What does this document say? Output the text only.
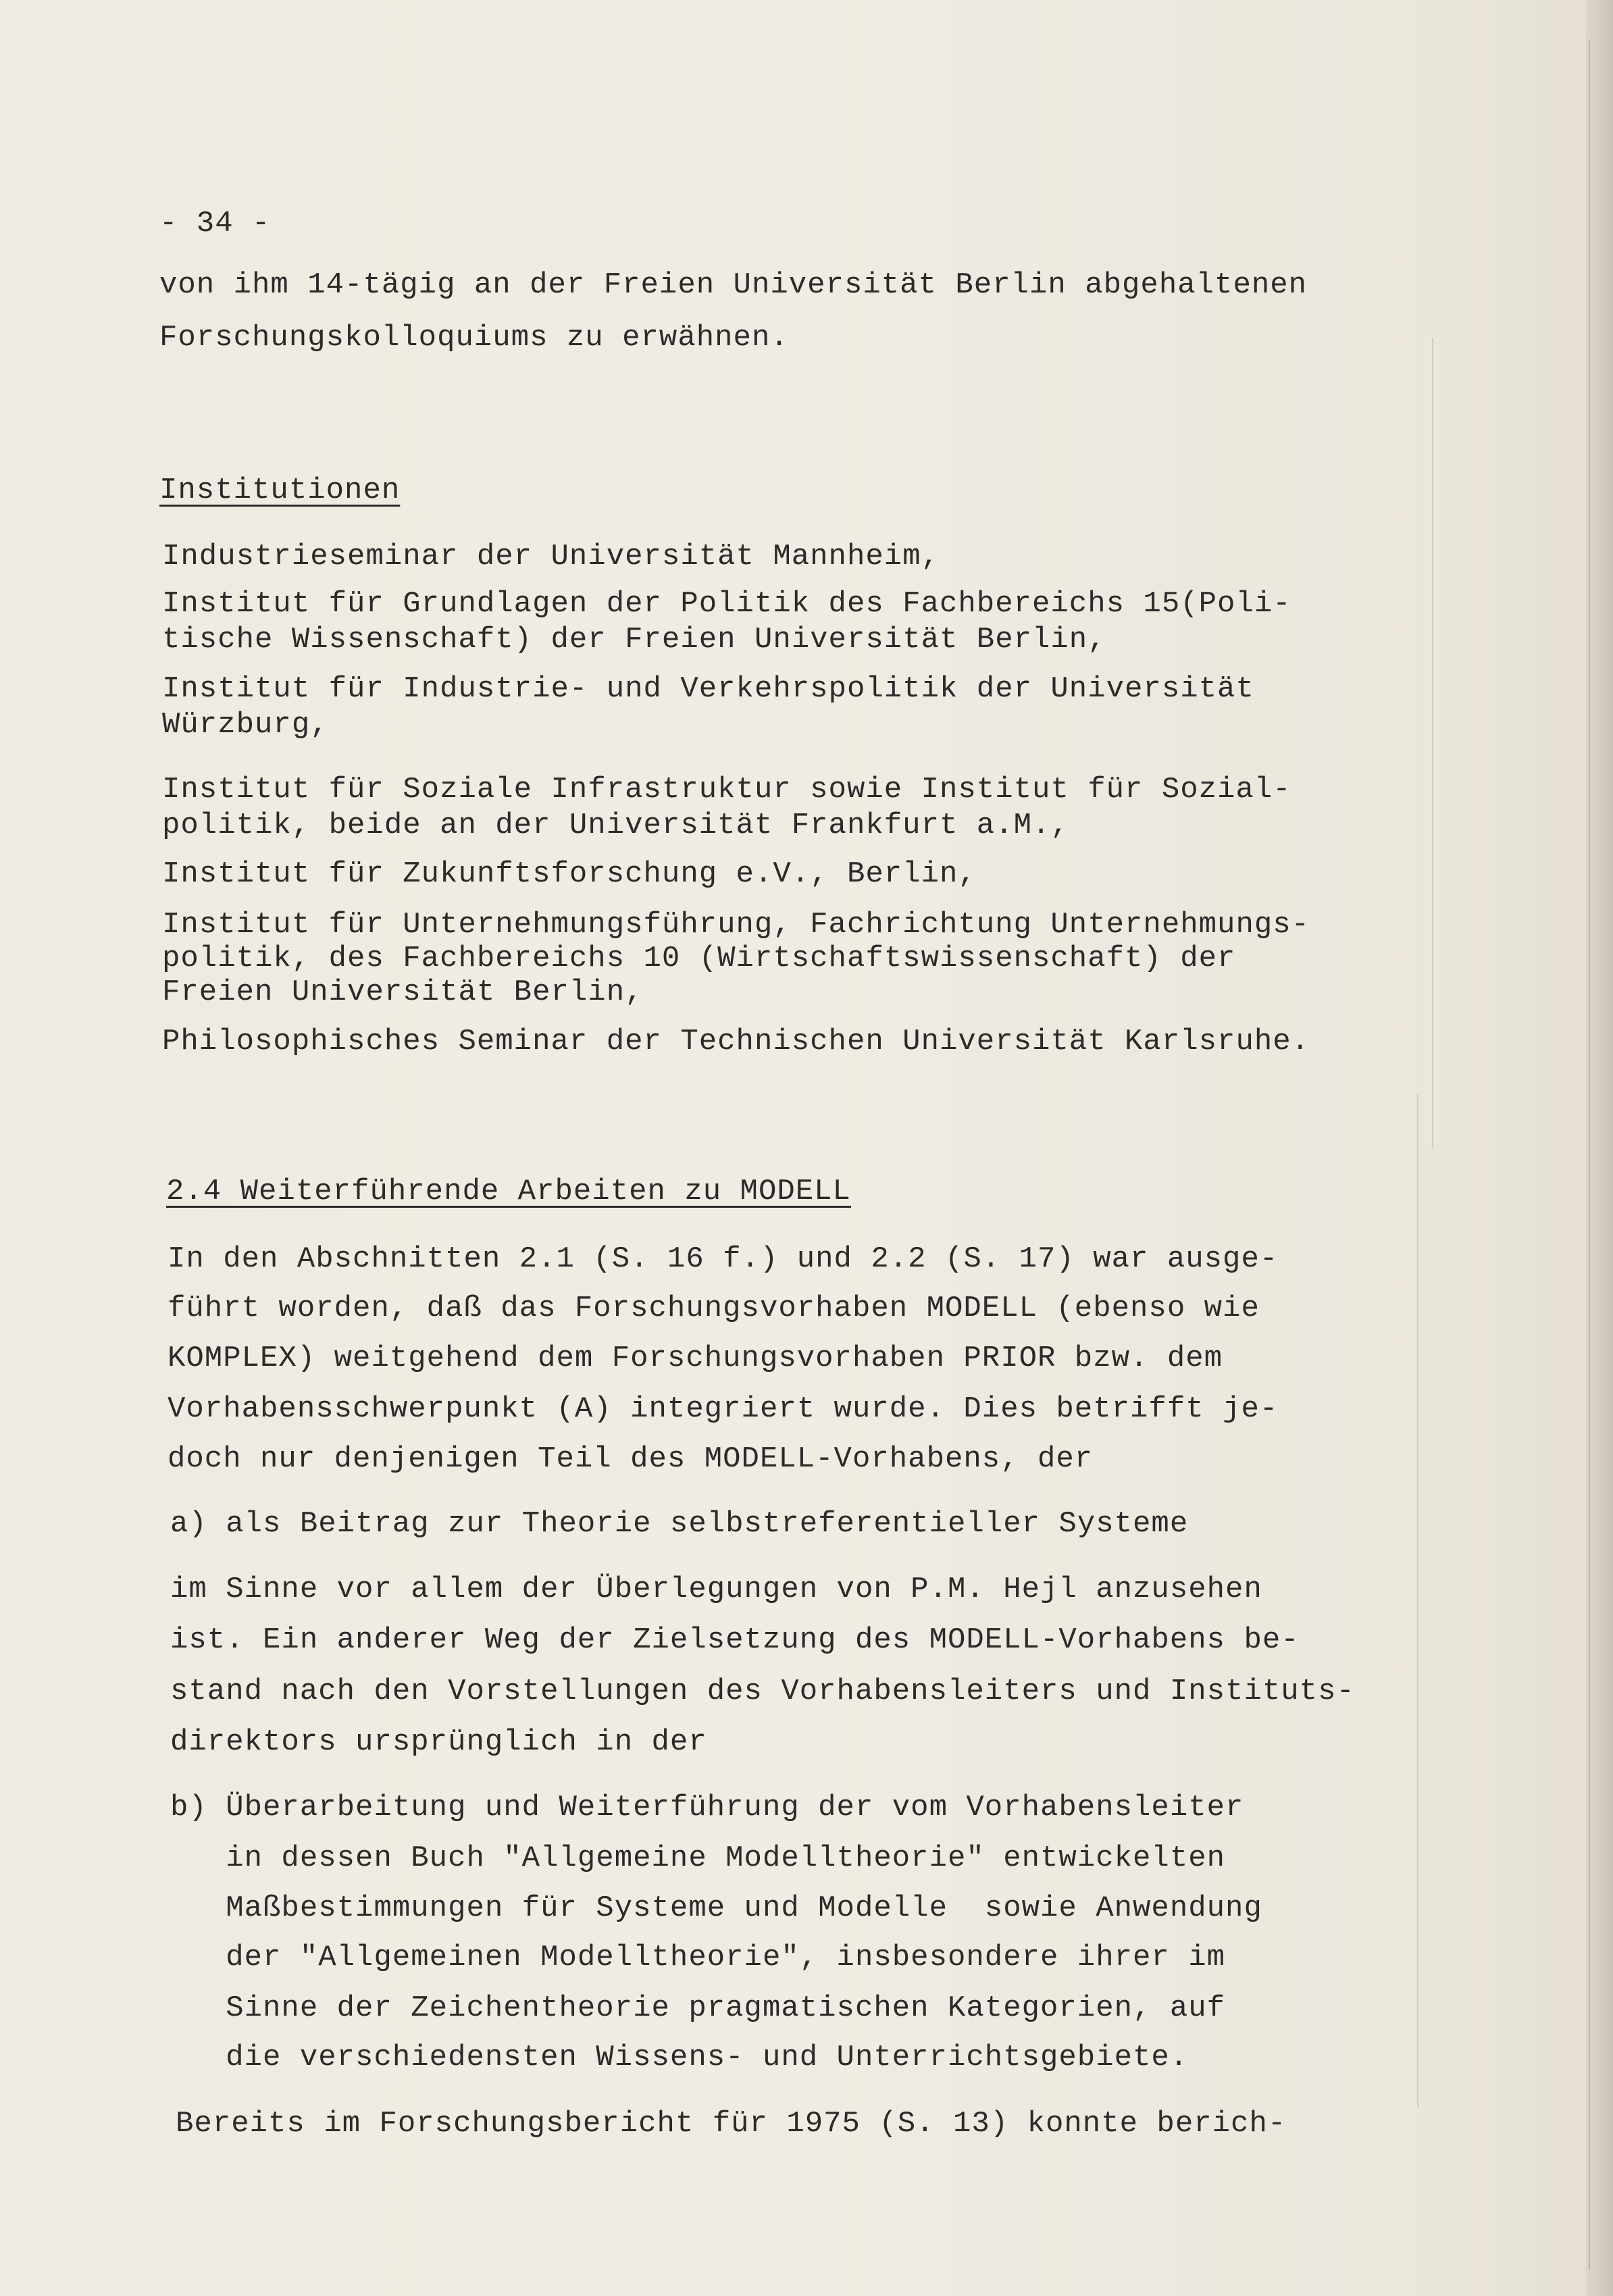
- 34 -
von ihm 14-tägig an der Freien Universität Berlin abgehaltenen
Forschungskolloquiums zu erwähnen.
Institutionen
Industrieseminar der Universität Mannheim,
Institut für Grundlagen der Politik des Fachbereichs 15(Poli-
tische Wissenschaft) der Freien Universität Berlin,
Institut für Industrie- und Verkehrspolitik der Universität
Würzburg,
Institut für Soziale Infrastruktur sowie Institut für Sozial-
politik, beide an der Universität Frankfurt a.M.,
Institut für Zukunftsforschung e.V., Berlin,
Institut für Unternehmungsführung, Fachrichtung Unternehmungs-
politik, des Fachbereichs 10 (Wirtschaftswissenschaft) der
Freien Universität Berlin,
Philosophisches Seminar der Technischen Universität Karlsruhe.
2.4 Weiterführende Arbeiten zu MODELL
In den Abschnitten 2.1 (S. 16 f.) und 2.2 (S. 17) war ausge-
führt worden, daß das Forschungsvorhaben MODELL (ebenso wie
KOMPLEX) weitgehend dem Forschungsvorhaben PRIOR bzw. dem
Vorhabensschwerpunkt (A) integriert wurde. Dies betrifft je-
doch nur denjenigen Teil des MODELL-Vorhabens, der
a) als Beitrag zur Theorie selbstreferentieller Systeme
im Sinne vor allem der Überlegungen von P.M. Hejl anzusehen
ist. Ein anderer Weg der Zielsetzung des MODELL-Vorhabens be-
stand nach den Vorstellungen des Vorhabensleiters und Instituts-
direktors ursprünglich in der
b) Überarbeitung und Weiterführung der vom Vorhabensleiter
in dessen Buch "Allgemeine Modelltheorie" entwickelten
Maßbestimmungen für Systeme und Modelle  sowie Anwendung
der "Allgemeinen Modelltheorie", insbesondere ihrer im
Sinne der Zeichentheorie pragmatischen Kategorien, auf
die verschiedensten Wissens- und Unterrichtsgebiete.
Bereits im Forschungsbericht für 1975 (S. 13) konnte berich-
